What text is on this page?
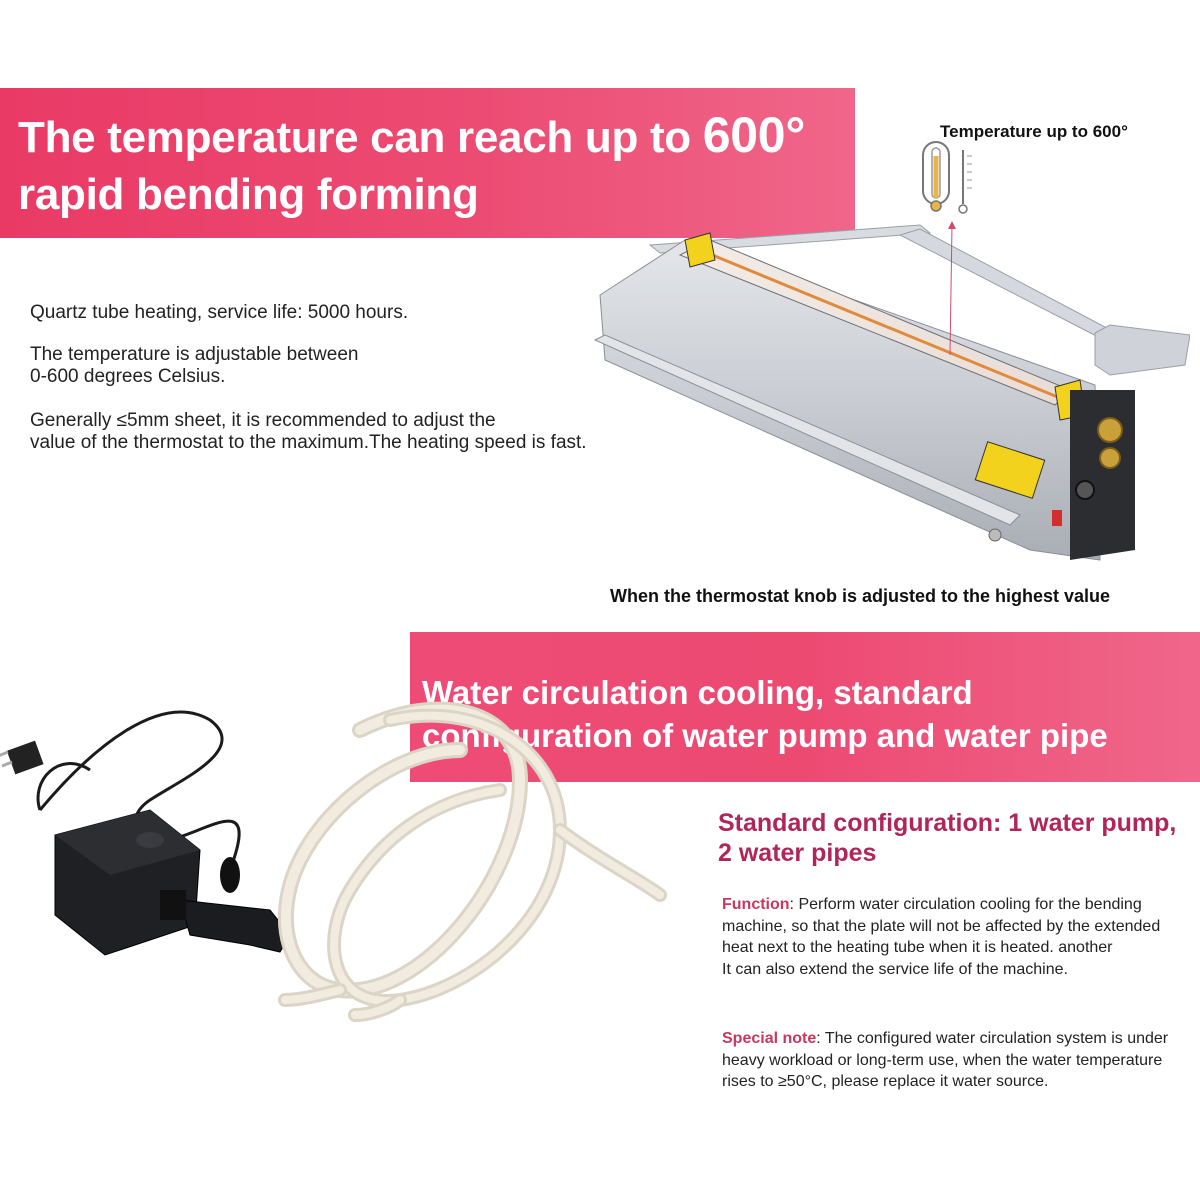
The temperature can reach up to 600°
rapid bending forming
Quartz tube heating, service life: 5000 hours.
The temperature is adjustable between
0-600 degrees Celsius.
Generally ≤5mm sheet, it is recommended to adjust the
value of the thermostat to the maximum.The heating speed is fast.
Temperature up to 600°
When the thermostat knob is adjusted to the highest value
Water circulation cooling, standard
configuration of water pump and water pipe
Standard configuration: 1 water pump,
2 water pipes
Function: Perform water circulation cooling for the bending machine, so that the plate will not be affected by the extended heat next to the heating tube when it is heated. another
It can also extend the service life of the machine.
Special note: The configured water circulation system is under heavy workload or long-term use, when the water temperature rises to ≥50°C, please replace it water source.
